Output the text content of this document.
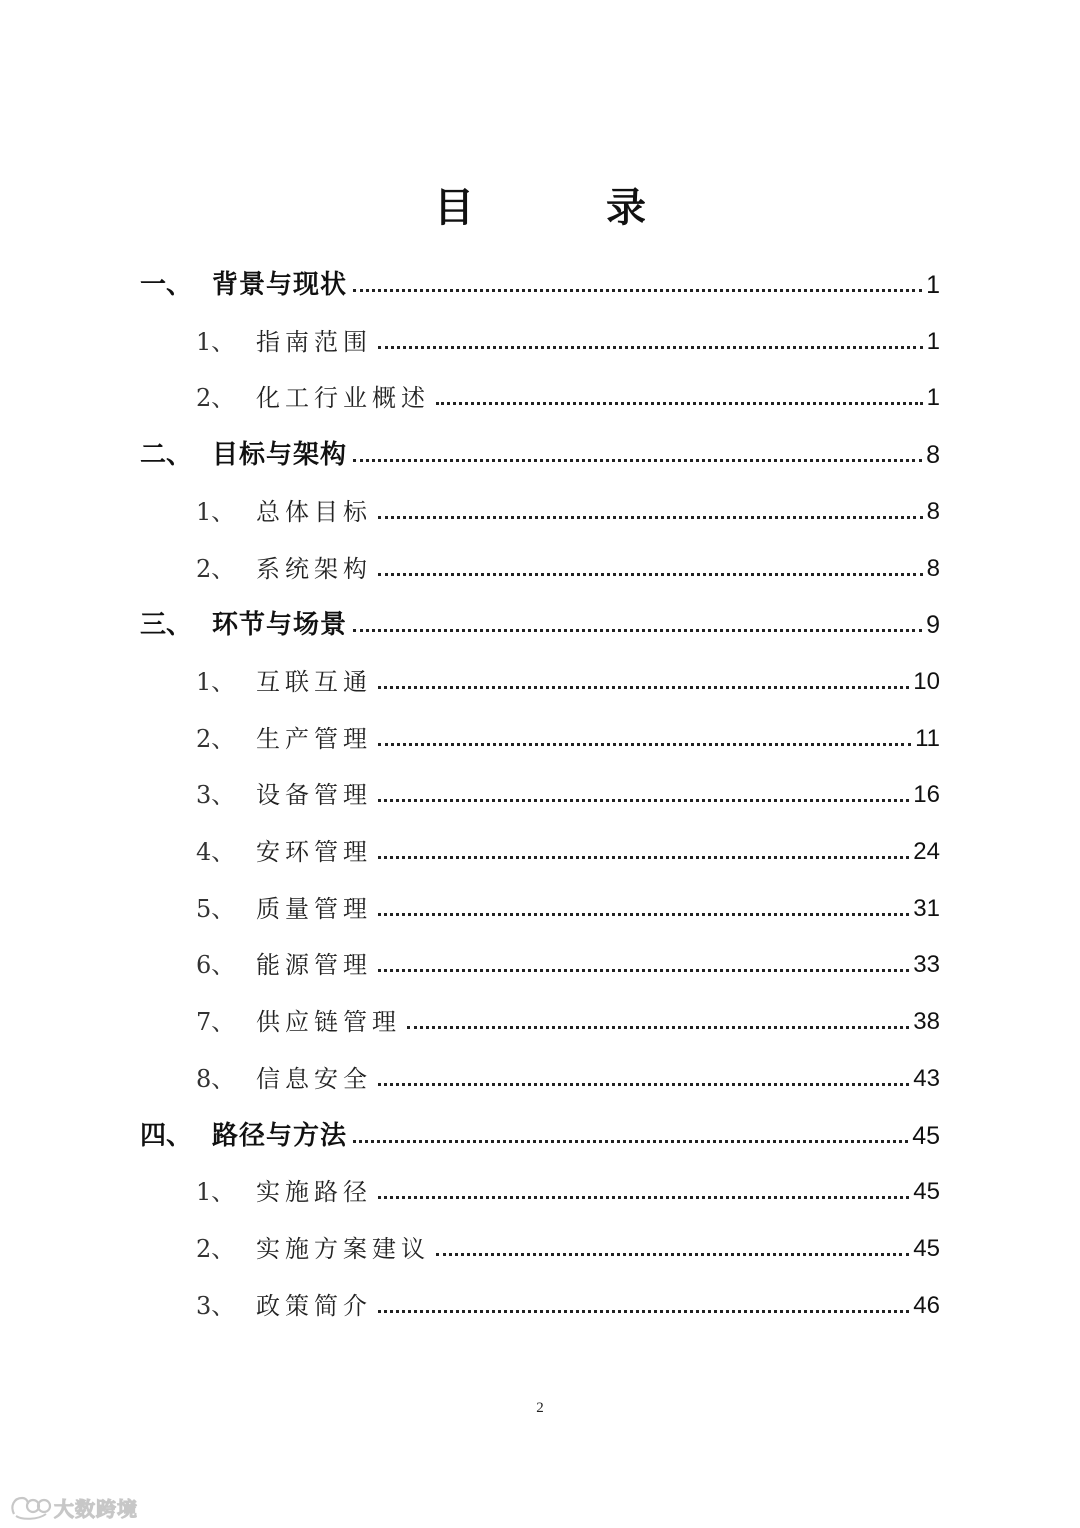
目　录
一、 背景与现状	1
1、 指南范围	1
2、 化工行业概述	1
二、 目标与架构	8
1、 总体目标	8
2、 系统架构	8
三、 环节与场景	9
1、 互联互通	10
2、 生产管理	11
3、 设备管理	16
4、 安环管理	24
5、 质量管理	31
6、 能源管理	33
7、 供应链管理	38
8、 信息安全	43
四、 路径与方法	45
1、 实施路径	45
2、 实施方案建议	45
3、 政策简介	46
2
大数跨境
